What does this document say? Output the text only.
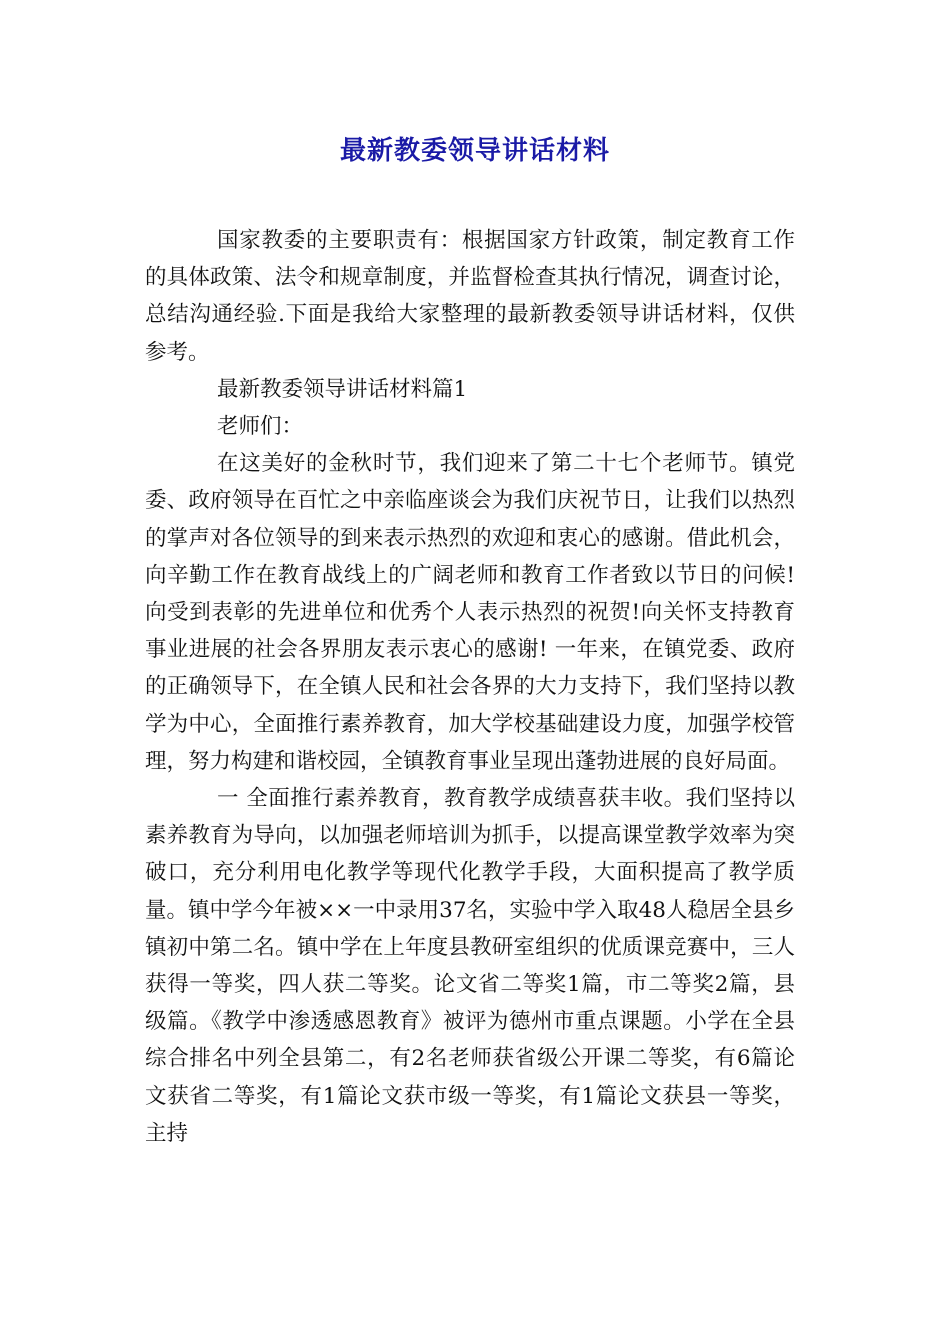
最新教委领导讲话材料

国家教委的主要职责有：根据国家方针政策，制定教育工作的具体政策、法令和规章制度，并监督检查其执行情况，调查讨论，总结沟通经验.下面是我给大家整理的最新教委领导讲话材料，仅供参考。

最新教委领导讲话材料篇1

老师们：

在这美好的金秋时节，我们迎来了第二十七个老师节。镇党委、政府领导在百忙之中亲临座谈会为我们庆祝节日，让我们以热烈的掌声对各位领导的到来表示热烈的欢迎和衷心的感谢。借此机会，向辛勤工作在教育战线上的广阔老师和教育工作者致以节日的问候!向受到表彰的先进单位和优秀个人表示热烈的祝贺!向关怀支持教育事业进展的社会各界朋友表示衷心的感谢! 一年来，在镇党委、政府的正确领导下，在全镇人民和社会各界的大力支持下，我们坚持以教学为中心，全面推行素养教育，加大学校基础建设力度，加强学校管理，努力构建和谐校园，全镇教育事业呈现出蓬勃进展的良好局面。

一 全面推行素养教育，教育教学成绩喜获丰收。我们坚持以素养教育为导向，以加强老师培训为抓手，以提高课堂教学效率为突破口，充分利用电化教学等现代化教学手段，大面积提高了教学质量。镇中学今年被××一中录用37名，实验中学入取48人稳居全县乡镇初中第二名。镇中学在上年度县教研室组织的优质课竞赛中，三人获得一等奖，四人获二等奖。论文省二等奖1篇，市二等奖2篇，县级篇。《教学中渗透感恩教育》被评为德州市重点课题。小学在全县综合排名中列全县第二，有2名老师获省级公开课二等奖，有6篇论文获省二等奖，有1篇论文获市级一等奖，有1篇论文获县一等奖，主持
